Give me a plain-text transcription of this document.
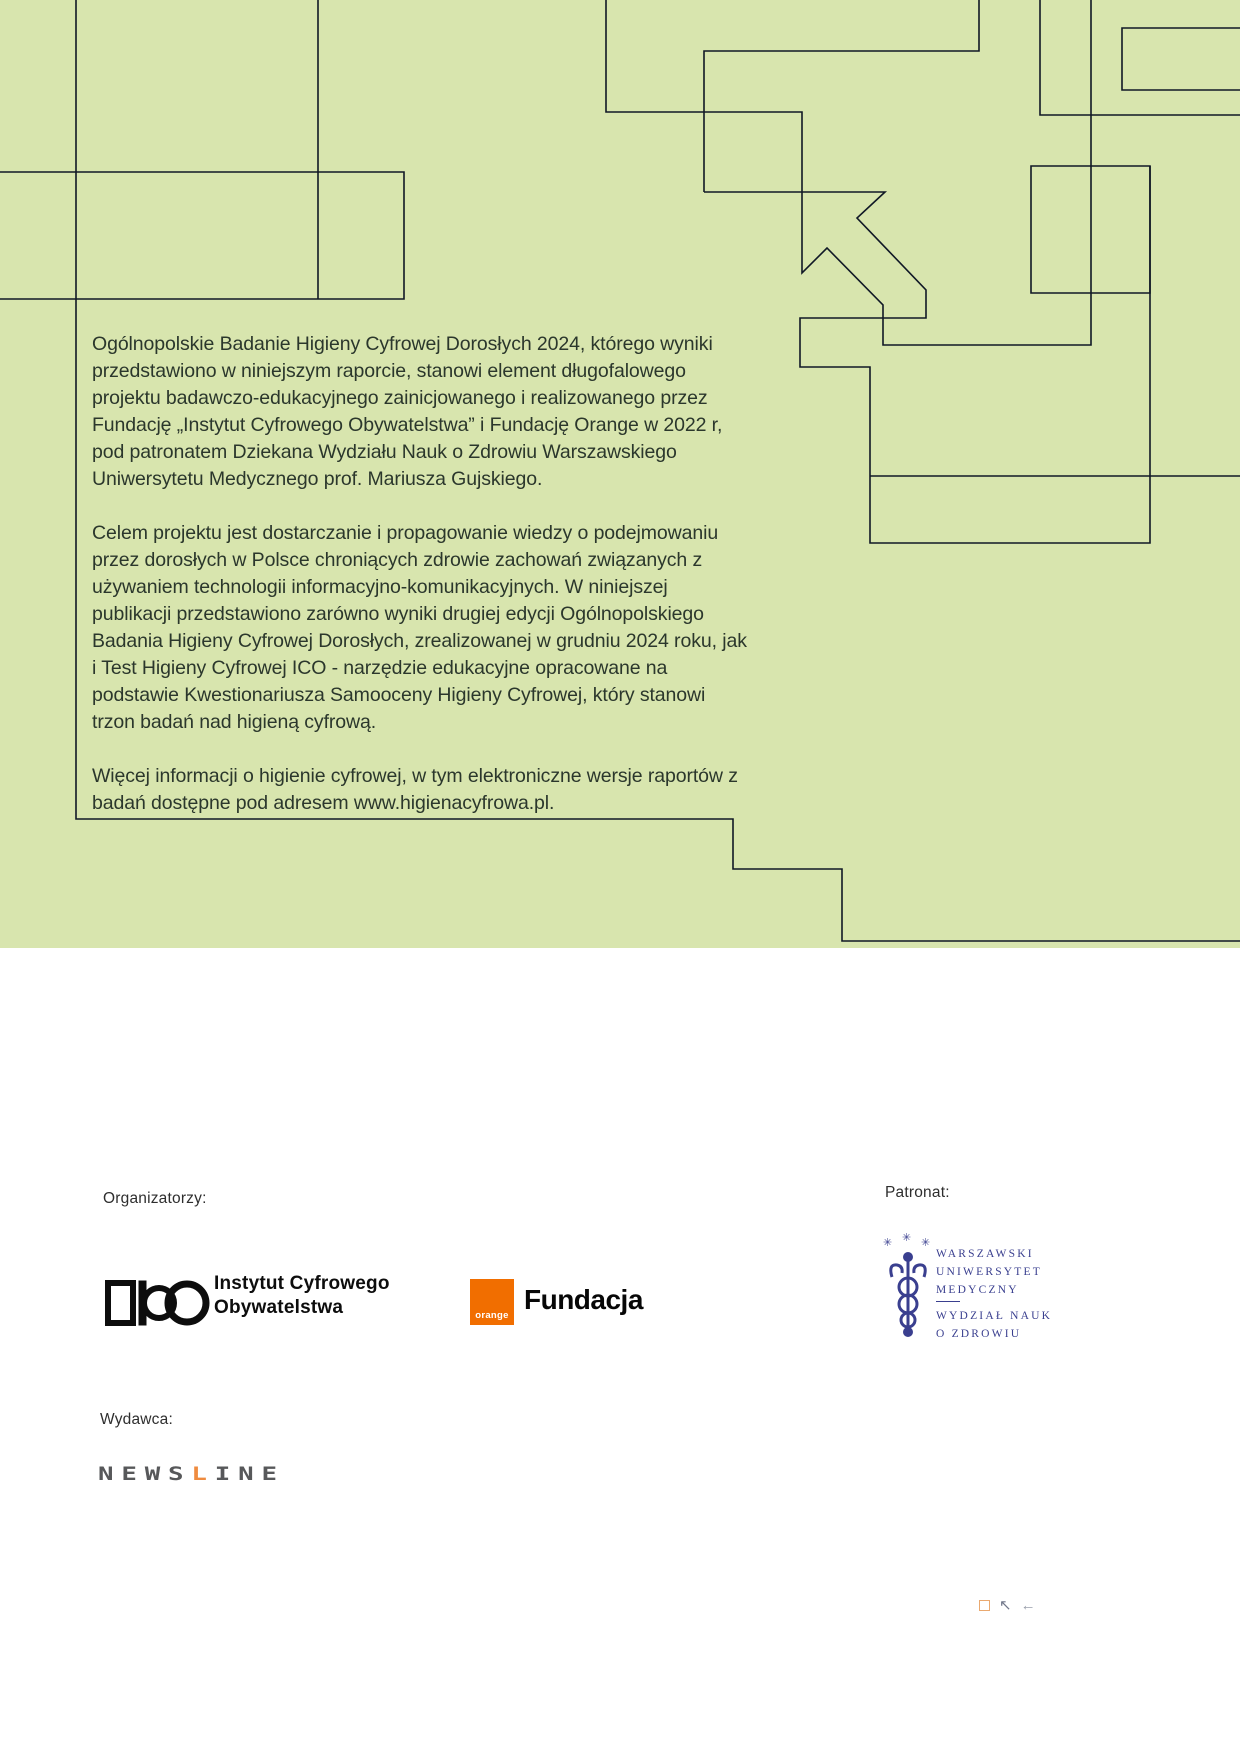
Ogólnopolskie Badanie Higieny Cyfrowej Dorosłych 2024, którego wyniki przedstawiono w niniejszym raporcie, stanowi element długofalowego projektu badawczo-edukacyjnego zainicjowanego i realizowanego przez Fundację „Instytut Cyfrowego Obywatelstwa” i Fundację Orange w 2022 r, pod patronatem Dziekana Wydziału Nauk o Zdrowiu Warszawskiego Uniwersytetu Medycznego prof. Mariusza Gujskiego.

Celem projektu jest dostarczanie i propagowanie wiedzy o podejmowaniu przez dorosłych w Polsce chroniących zdrowie zachowań związanych z używaniem technologii informacyjno-komunikacyjnych. W niniejszej publikacji przedstawiono zarówno wyniki drugiej edycji Ogólnopolskiego Badania Higieny Cyfrowej Dorosłych, zrealizowanej w grudniu 2024 roku, jak i Test Higieny Cyfrowej ICO - narzędzie edukacyjne opracowane na podstawie Kwestionariusza Samooceny Higieny Cyfrowej, który stanowi trzon badań nad higieną cyfrową.

Więcej informacji o higienie cyfrowej, w tym elektroniczne wersje raportów z badań dostępne pod adresem www.higienacyfrowa.pl.

Organizatorzy:
Instytut Cyfrowego
Obywatelstwa	orange
Fundacja
Patronat:
✳ ✳ ✳
WARSZAWSKI
UNIWERSYTET
MEDYCZNY
WYDZIAŁ NAUK
O ZDROWIU
Wydawca:
NEWSLINE
↖ ←
